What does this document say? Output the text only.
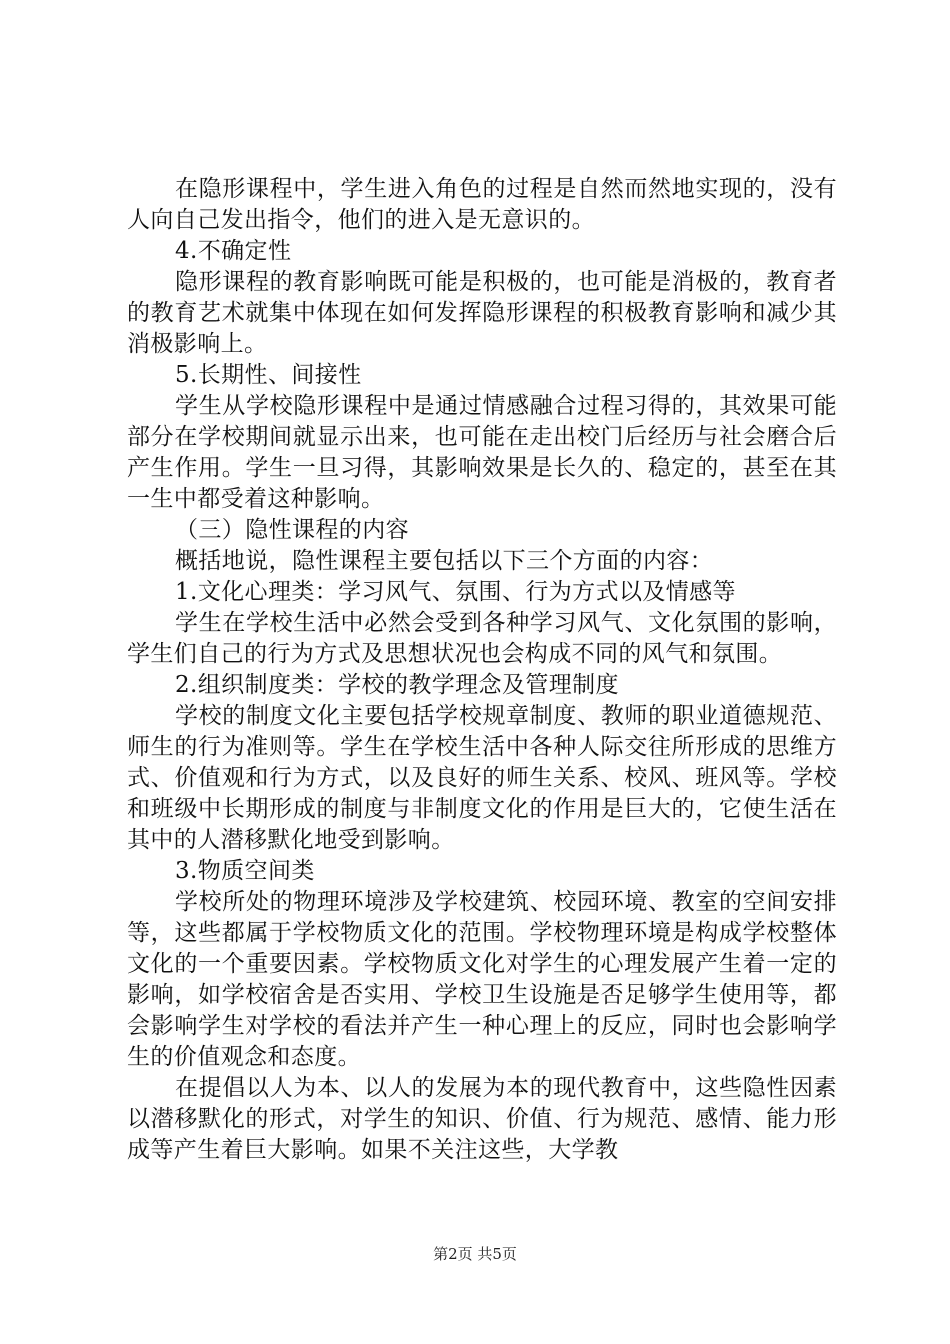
在隐形课程中，学生进入角色的过程是自然而然地实现的，没有人向自己发出指令，他们的进入是无意识的。

4.不确定性

隐形课程的教育影响既可能是积极的，也可能是消极的，教育者的教育艺术就集中体现在如何发挥隐形课程的积极教育影响和减少其消极影响上。

5.长期性、间接性

学生从学校隐形课程中是通过情感融合过程习得的，其效果可能部分在学校期间就显示出来，也可能在走出校门后经历与社会磨合后产生作用。学生一旦习得，其影响效果是长久的、稳定的，甚至在其一生中都受着这种影响。

（三）隐性课程的内容

概括地说，隐性课程主要包括以下三个方面的内容：

1.文化心理类：学习风气、氛围、行为方式以及情感等

学生在学校生活中必然会受到各种学习风气、文化氛围的影响，学生们自己的行为方式及思想状况也会构成不同的风气和氛围。

2.组织制度类：学校的教学理念及管理制度

学校的制度文化主要包括学校规章制度、教师的职业道德规范、师生的行为准则等。学生在学校生活中各种人际交往所形成的思维方式、价值观和行为方式，以及良好的师生关系、校风、班风等。学校和班级中长期形成的制度与非制度文化的作用是巨大的，它使生活在其中的人潜移默化地受到影响。

3.物质空间类

学校所处的物理环境涉及学校建筑、校园环境、教室的空间安排等，这些都属于学校物质文化的范围。学校物理环境是构成学校整体文化的一个重要因素。学校物质文化对学生的心理发展产生着一定的影响，如学校宿舍是否实用、学校卫生设施是否足够学生使用等，都会影响学生对学校的看法并产生一种心理上的反应，同时也会影响学生的价值观念和态度。

在提倡以人为本、以人的发展为本的现代教育中，这些隐性因素以潜移默化的形式，对学生的知识、价值、行为规范、感情、能力形成等产生着巨大影响。如果不关注这些，大学教

第2页 共5页
